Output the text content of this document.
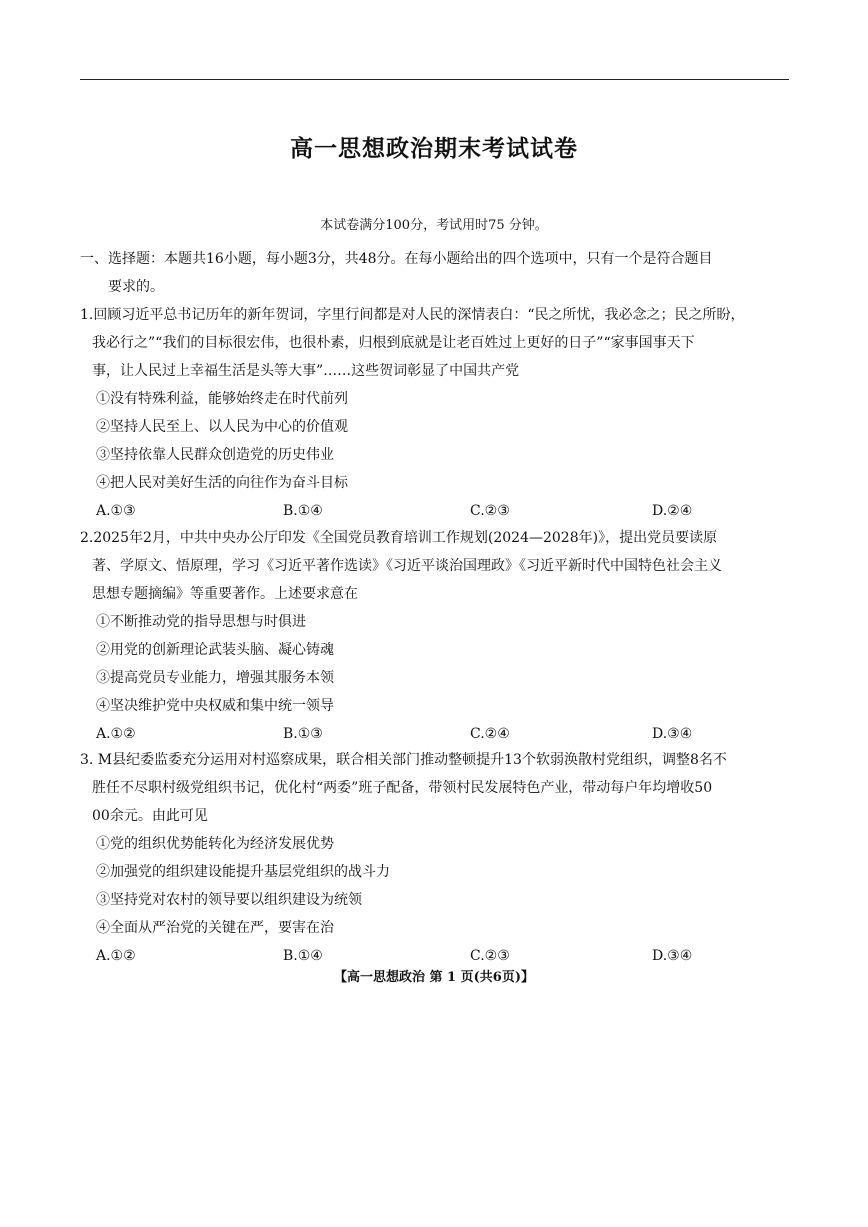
高一思想政治期末考试试卷
本试卷满分100分，考试用时75 分钟。
一、选择题：本题共16小题，每小题3分，共48分。在每小题给出的四个选项中，只有一个是符合题目
要求的。
1.回顾习近平总书记历年的新年贺词，字里行间都是对人民的深情表白：“民之所忧，我必念之；民之所盼，
我必行之”“我们的目标很宏伟，也很朴素，归根到底就是让老百姓过上更好的日子”“家事国事天下
事，让人民过上幸福生活是头等大事”……这些贺词彰显了中国共产党
①没有特殊利益，能够始终走在时代前列
②坚持人民至上、以人民为中心的价值观
③坚持依靠人民群众创造党的历史伟业
④把人民对美好生活的向往作为奋斗目标
A.①③	B.①④	C.②③	D.②④
2.2025年2月，中共中央办公厅印发《全国党员教育培训工作规划(2024—2028年)》，提出党员要读原
著、学原文、悟原理，学习《习近平著作选读》《习近平谈治国理政》《习近平新时代中国特色社会主义
思想专题摘编》等重要著作。上述要求意在
①不断推动党的指导思想与时俱进
②用党的创新理论武装头脑、凝心铸魂
③提高党员专业能力，增强其服务本领
④坚决维护党中央权威和集中统一领导
A.①②	B.①③	C.②④	D.③④
3. M县纪委监委充分运用对村巡察成果，联合相关部门推动整顿提升13个软弱涣散村党组织，调整8名不
胜任不尽职村级党组织书记，优化村“两委”班子配备，带领村民发展特色产业，带动每户年均增收50
00余元。由此可见
①党的组织优势能转化为经济发展优势
②加强党的组织建设能提升基层党组织的战斗力
③坚持党对农村的领导要以组织建设为统领
④全面从严治党的关键在严，要害在治
A.①②	B.①④	C.②③	D.③④
【高一思想政治 第 1 页(共6页)】
